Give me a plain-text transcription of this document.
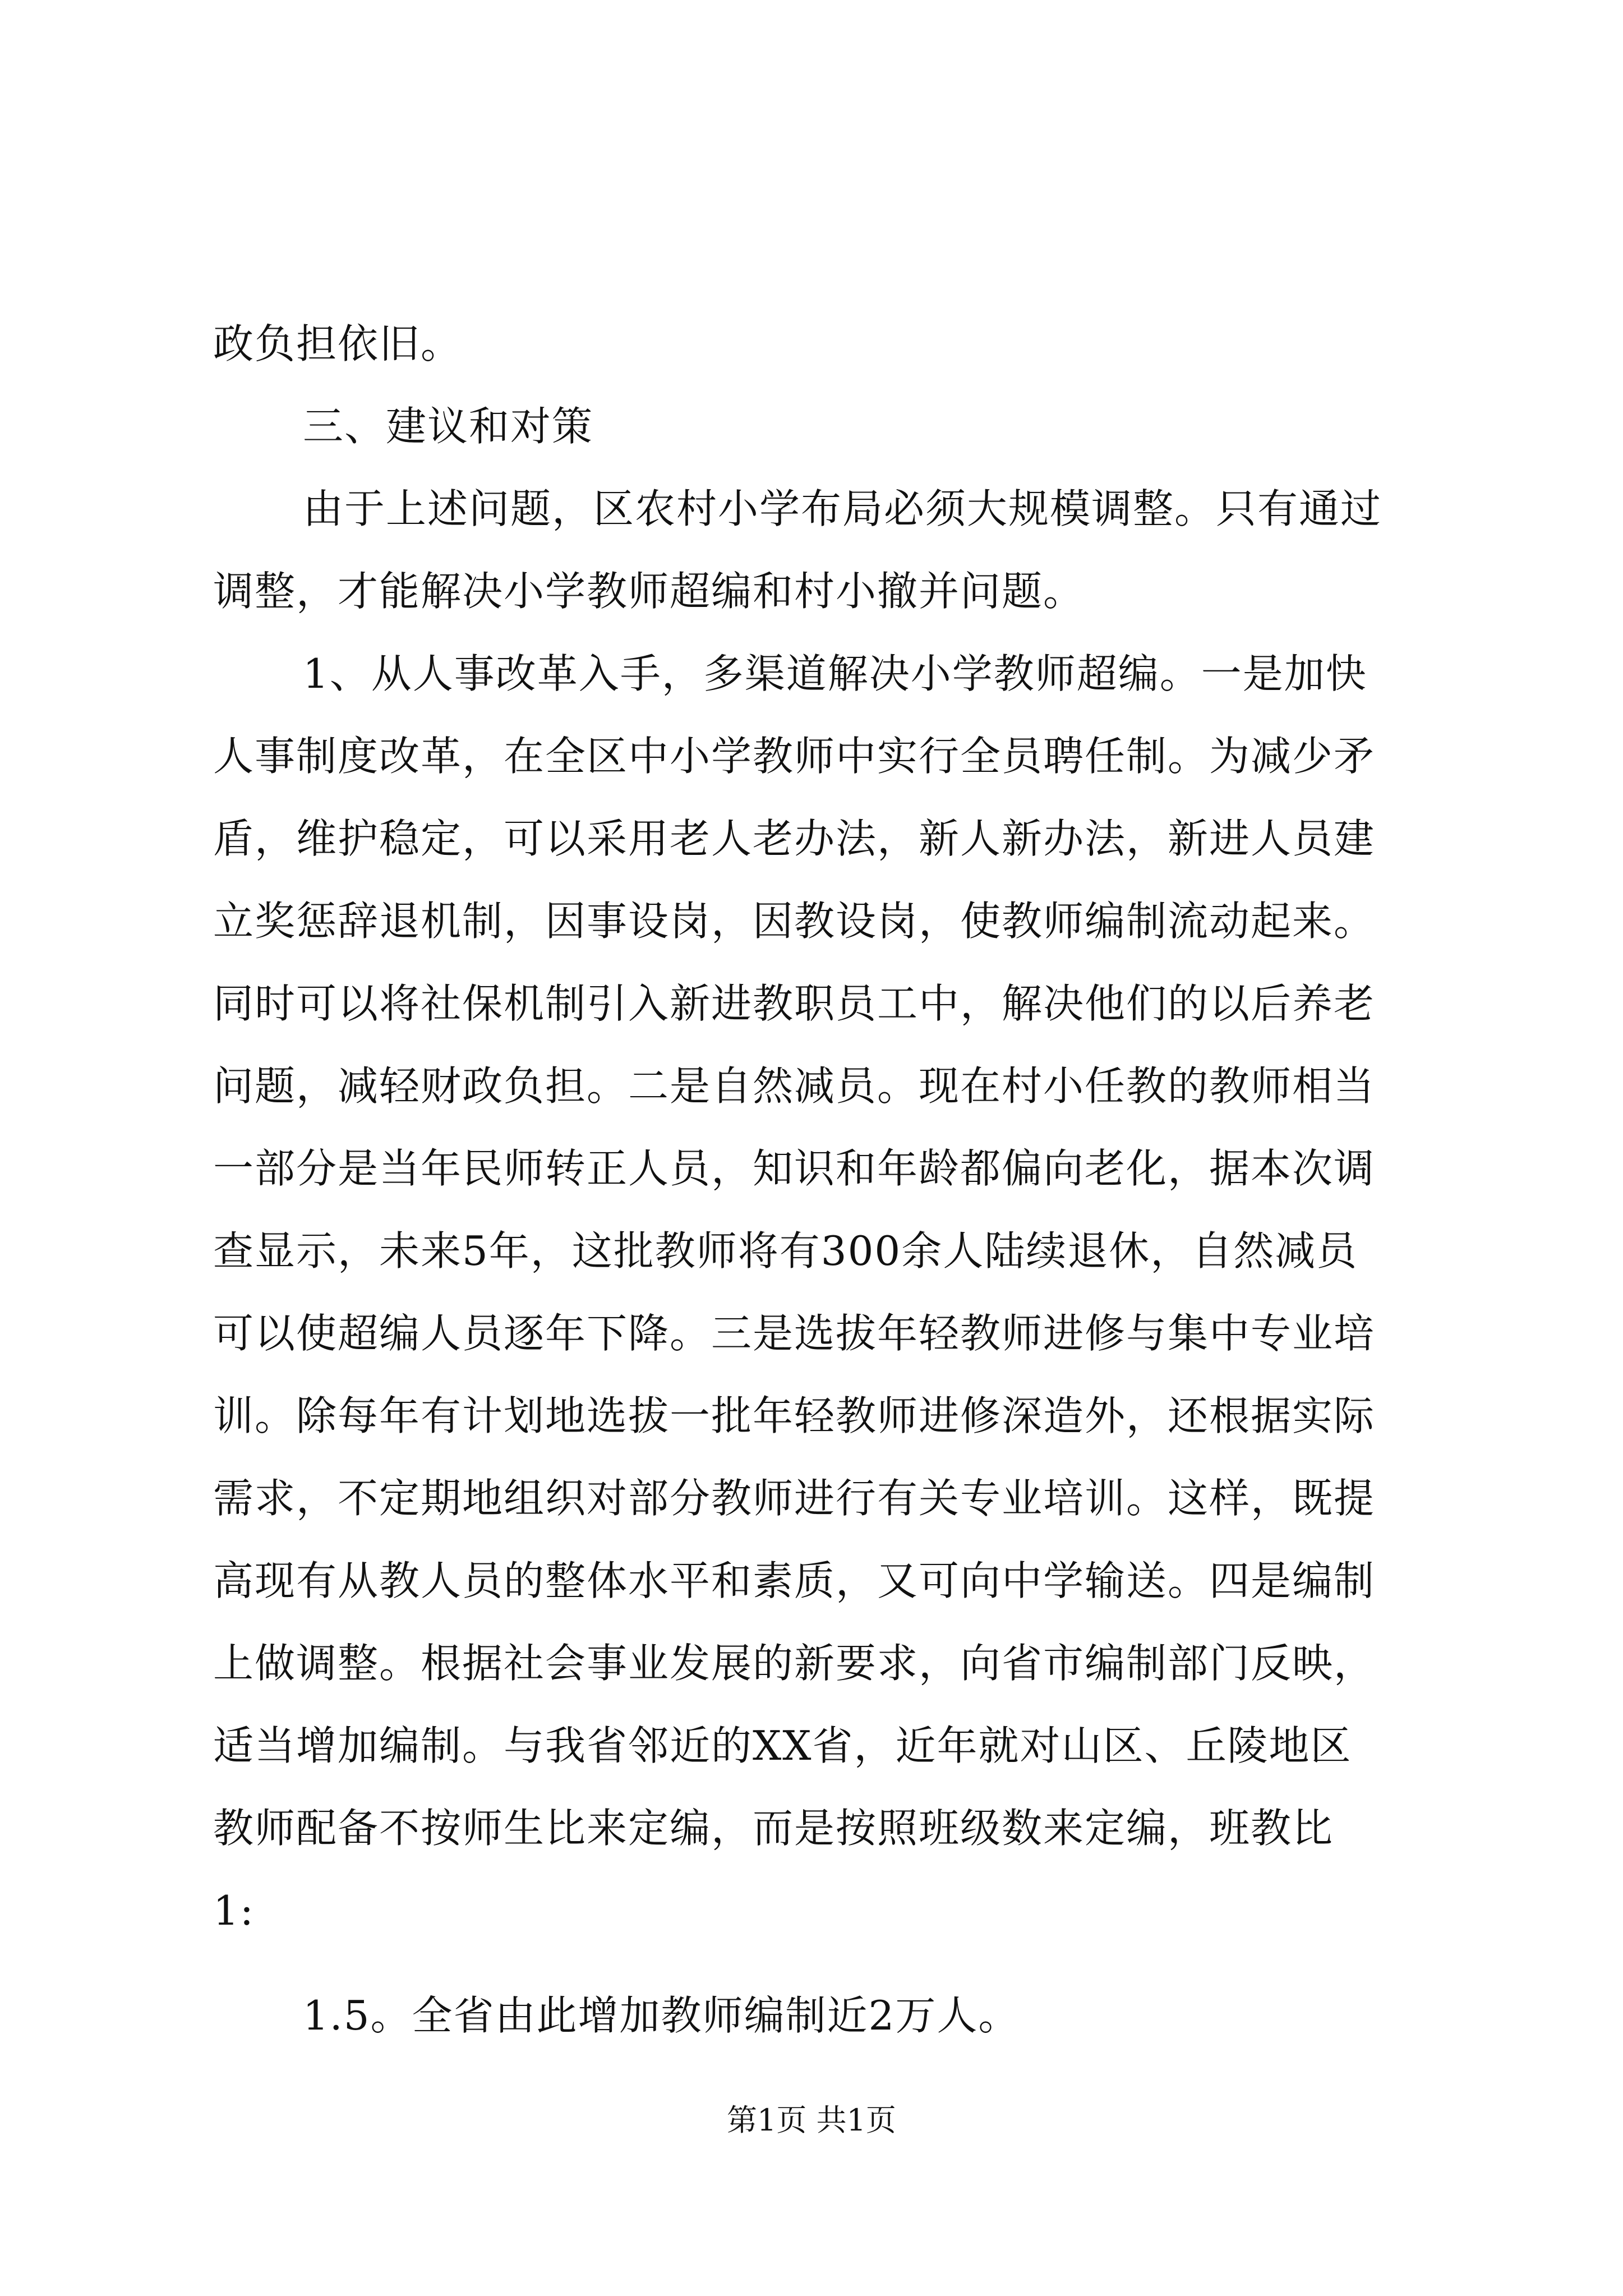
政负担依旧。
三、建议和对策
由于上述问题，区农村小学布局必须大规模调整。只有通过
调整，才能解决小学教师超编和村小撤并问题。
1、从人事改革入手，多渠道解决小学教师超编。一是加快
人事制度改革，在全区中小学教师中实行全员聘任制。为减少矛
盾，维护稳定，可以采用老人老办法，新人新办法，新进人员建
立奖惩辞退机制，因事设岗，因教设岗，使教师编制流动起来。
同时可以将社保机制引入新进教职员工中，解决他们的以后养老
问题，减轻财政负担。二是自然减员。现在村小任教的教师相当
一部分是当年民师转正人员，知识和年龄都偏向老化，据本次调
查显示，未来5年，这批教师将有300余人陆续退休，自然减员
可以使超编人员逐年下降。三是选拔年轻教师进修与集中专业培
训。除每年有计划地选拔一批年轻教师进修深造外，还根据实际
需求，不定期地组织对部分教师进行有关专业培训。这样，既提
高现有从教人员的整体水平和素质，又可向中学输送。四是编制
上做调整。根据社会事业发展的新要求，向省市编制部门反映，
适当增加编制。与我省邻近的XX省，近年就对山区、丘陵地区
教师配备不按师生比来定编，而是按照班级数来定编，班教比
1:
1.5。全省由此增加教师编制近2万人。
第1页 共1页
